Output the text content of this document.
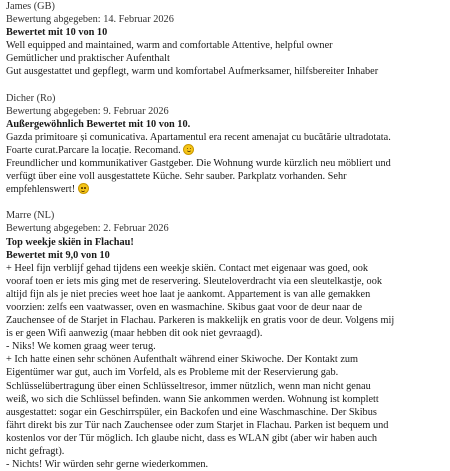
James (GB)

Bewertung abgegeben: 14. Februar 2026

Bewertet mit 10 von 10

Well equipped and maintained, warm and comfortable Attentive, helpful owner

Gemütlicher und praktischer Aufenthalt

Gut ausgestattet und gepflegt, warm und komfortabel Aufmerksamer, hilfsbereiter Inhaber

Dicher (Ro)

Bewertung abgegeben: 9. Februar 2026

Außergewöhnlich Bewertet mit 10 von 10.

Gazda primitoare și comunicativa. Apartamentul era recent amenajat cu bucătărie ultradotata.

Foarte curat.Parcare la locație. Recomand.

Freundlicher und kommunikativer Gastgeber. Die Wohnung wurde kürzlich neu möbliert und

verfügt über eine voll ausgestattete Küche. Sehr sauber. Parkplatz vorhanden. Sehr

empfehlenswert!

Marre (NL)

Bewertung abgegeben: 2. Februar 2026

Top weekje skiën in Flachau!

Bewertet mit 9,0 von 10

+ Heel fijn verblijf gehad tijdens een weekje skiën. Contact met eigenaar was goed, ook

vooraf toen er iets mis ging met de reservering. Sleuteloverdracht via een sleutelkastje, ook

altijd fijn als je niet precies weet hoe laat je aankomt. Appartement is van alle gemakken

voorzien: zelfs een vaatwasser, oven en wasmachine. Skibus gaat voor de deur naar de

Zauchensee of de Starjet in Flachau. Parkeren is makkelijk en gratis voor de deur. Volgens mij

is er geen Wifi aanwezig (maar hebben dit ook niet gevraagd).

- Niks! We komen graag weer terug.

+ Ich hatte einen sehr schönen Aufenthalt während einer Skiwoche. Der Kontakt zum

Eigentümer war gut, auch im Vorfeld, als es Probleme mit der Reservierung gab.

Schlüsselübertragung über einen Schlüsseltresor, immer nützlich, wenn man nicht genau

weiß, wo sich die Schlüssel befinden. wann Sie ankommen werden. Wohnung ist komplett

ausgestattet: sogar ein Geschirrspüler, ein Backofen und eine Waschmaschine. Der Skibus

fährt direkt bis zur Tür nach Zauchensee oder zum Starjet in Flachau. Parken ist bequem und

kostenlos vor der Tür möglich. Ich glaube nicht, dass es WLAN gibt (aber wir haben auch

nicht gefragt).

- Nichts! Wir würden sehr gerne wiederkommen.
